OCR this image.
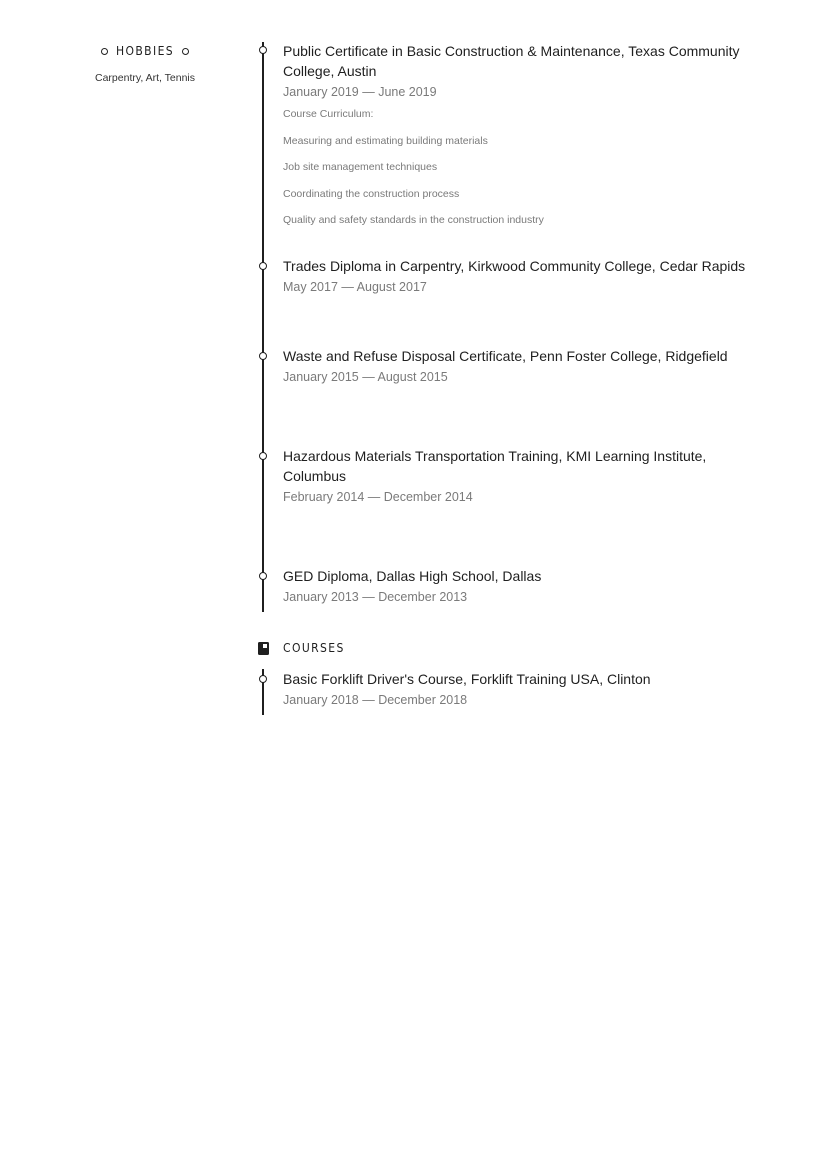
HOBBIES
Carpentry, Art, Tennis
Public Certificate in Basic Construction & Maintenance, Texas Community College, Austin
January 2019 — June 2019
Course Curriculum:
Measuring and estimating building materials
Job site management techniques
Coordinating the construction process
Quality and safety standards in the construction industry
Trades Diploma in Carpentry, Kirkwood Community College, Cedar Rapids
May 2017 — August 2017
Waste and Refuse Disposal Certificate, Penn Foster College, Ridgefield
January 2015 — August 2015
Hazardous Materials Transportation Training, KMI Learning Institute, Columbus
February 2014 — December 2014
GED Diploma, Dallas High School, Dallas
January 2013 — December 2013
COURSES
Basic Forklift Driver's Course, Forklift Training USA, Clinton
January 2018 — December 2018
